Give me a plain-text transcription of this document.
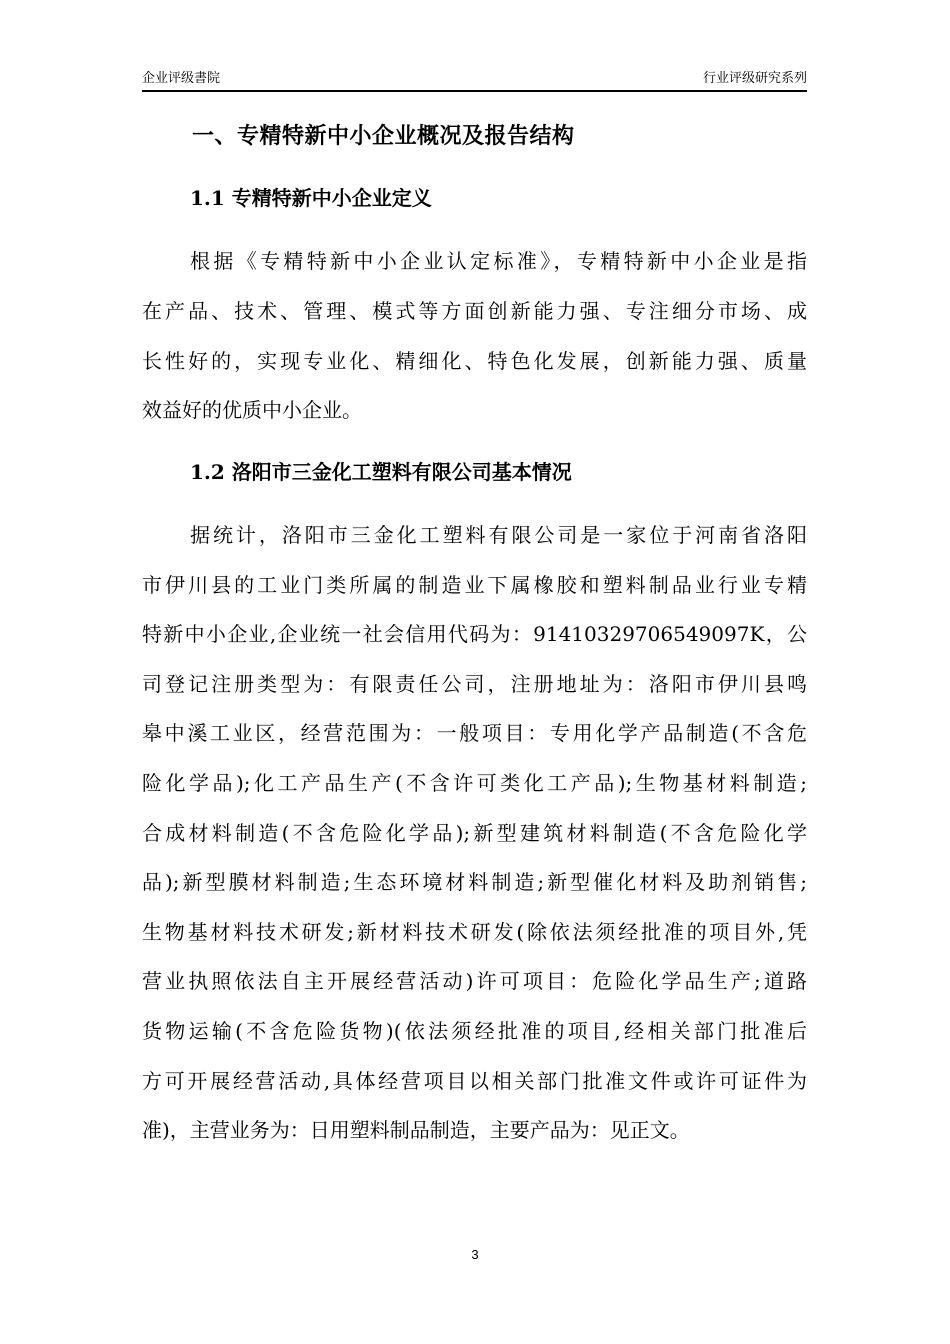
企业评级書院	行业评级研究系列
一、专精特新中小企业概况及报告结构
1.1 专精特新中小企业定义
根据《专精特新中小企业认定标准》，专精特新中小企业是指
在产品、技术、管理、模式等方面创新能力强、专注细分市场、成
长性好的，实现专业化、精细化、特色化发展，创新能力强、质量
效益好的优质中小企业。
1.2 洛阳市三金化工塑料有限公司基本情况
据统计，洛阳市三金化工塑料有限公司是一家位于河南省洛阳
市伊川县的工业门类所属的制造业下属橡胶和塑料制品业行业专精
特新中小企业,企业统一社会信用代码为：91410329706549097K，公
司登记注册类型为：有限责任公司，注册地址为：洛阳市伊川县鸣
皋中溪工业区，经营范围为：一般项目：专用化学产品制造(不含危
险化学品);化工产品生产(不含许可类化工产品);生物基材料制造;
合成材料制造(不含危险化学品);新型建筑材料制造(不含危险化学
品);新型膜材料制造;生态环境材料制造;新型催化材料及助剂销售;
生物基材料技术研发;新材料技术研发(除依法须经批准的项目外,凭
营业执照依法自主开展经营活动)许可项目：危险化学品生产;道路
货物运输(不含危险货物)(依法须经批准的项目,经相关部门批准后
方可开展经营活动,具体经营项目以相关部门批准文件或许可证件为
准)，主营业务为：日用塑料制品制造，主要产品为：见正文。
3
